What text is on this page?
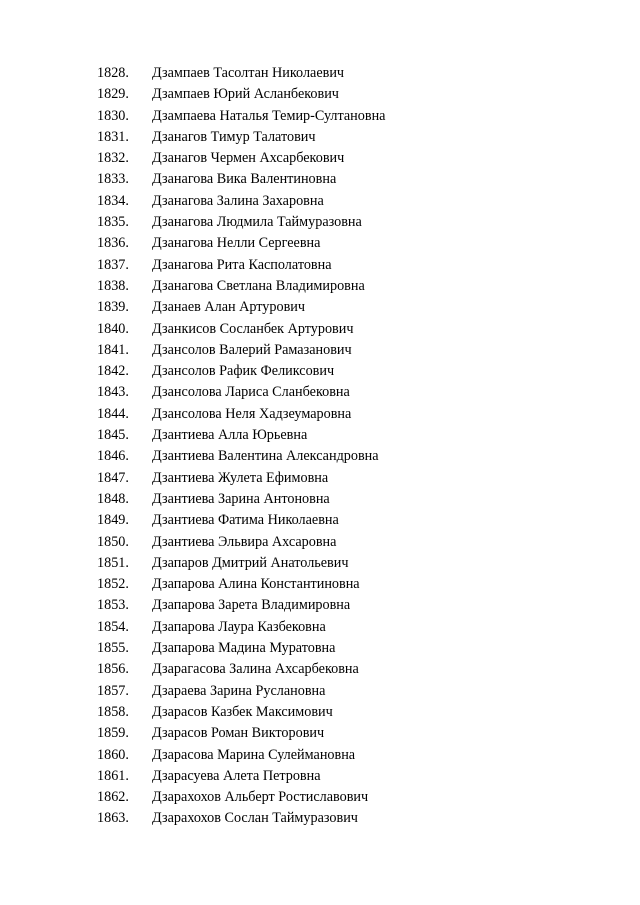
1828. Дзампаев Тасолтан Николаевич
1829. Дзампаев Юрий Асланбекович
1830. Дзампаева Наталья Темир-Султановна
1831. Дзанагов Тимур Талатович
1832. Дзанагов Чермен Ахсарбекович
1833. Дзанагова Вика Валентиновна
1834. Дзанагова Залина Захаровна
1835. Дзанагова Людмила Таймуразовна
1836. Дзанагова Нелли Сергеевна
1837. Дзанагова Рита Касполатовна
1838. Дзанагова Светлана Владимировна
1839. Дзанаев Алан Артурович
1840. Дзанкисов Сосланбек Артурович
1841. Дзансолов Валерий Рамазанович
1842. Дзансолов Рафик Феликсович
1843. Дзансолова Лариса Сланбековна
1844. Дзансолова Неля Хадзеумаровна
1845. Дзантиева Алла Юрьевна
1846. Дзантиева Валентина Александровна
1847. Дзантиева Жулета Ефимовна
1848. Дзантиева Зарина Антоновна
1849. Дзантиева Фатима Николаевна
1850. Дзантиева Эльвира Ахсаровна
1851. Дзапаров Дмитрий Анатольевич
1852. Дзапарова Алина Константиновна
1853. Дзапарова Зарета Владимировна
1854. Дзапарова Лаура Казбековна
1855. Дзапарова Мадина Муратовна
1856. Дзарагасова Залина Ахсарбековна
1857. Дзараева Зарина Руслановна
1858. Дзарасов Казбек Максимович
1859. Дзарасов Роман Викторович
1860. Дзарасова Марина Сулеймановна
1861. Дзарасуева Алета Петровна
1862. Дзарахохов Альберт Ростиславович
1863. Дзарахохов Сослан Таймуразович
